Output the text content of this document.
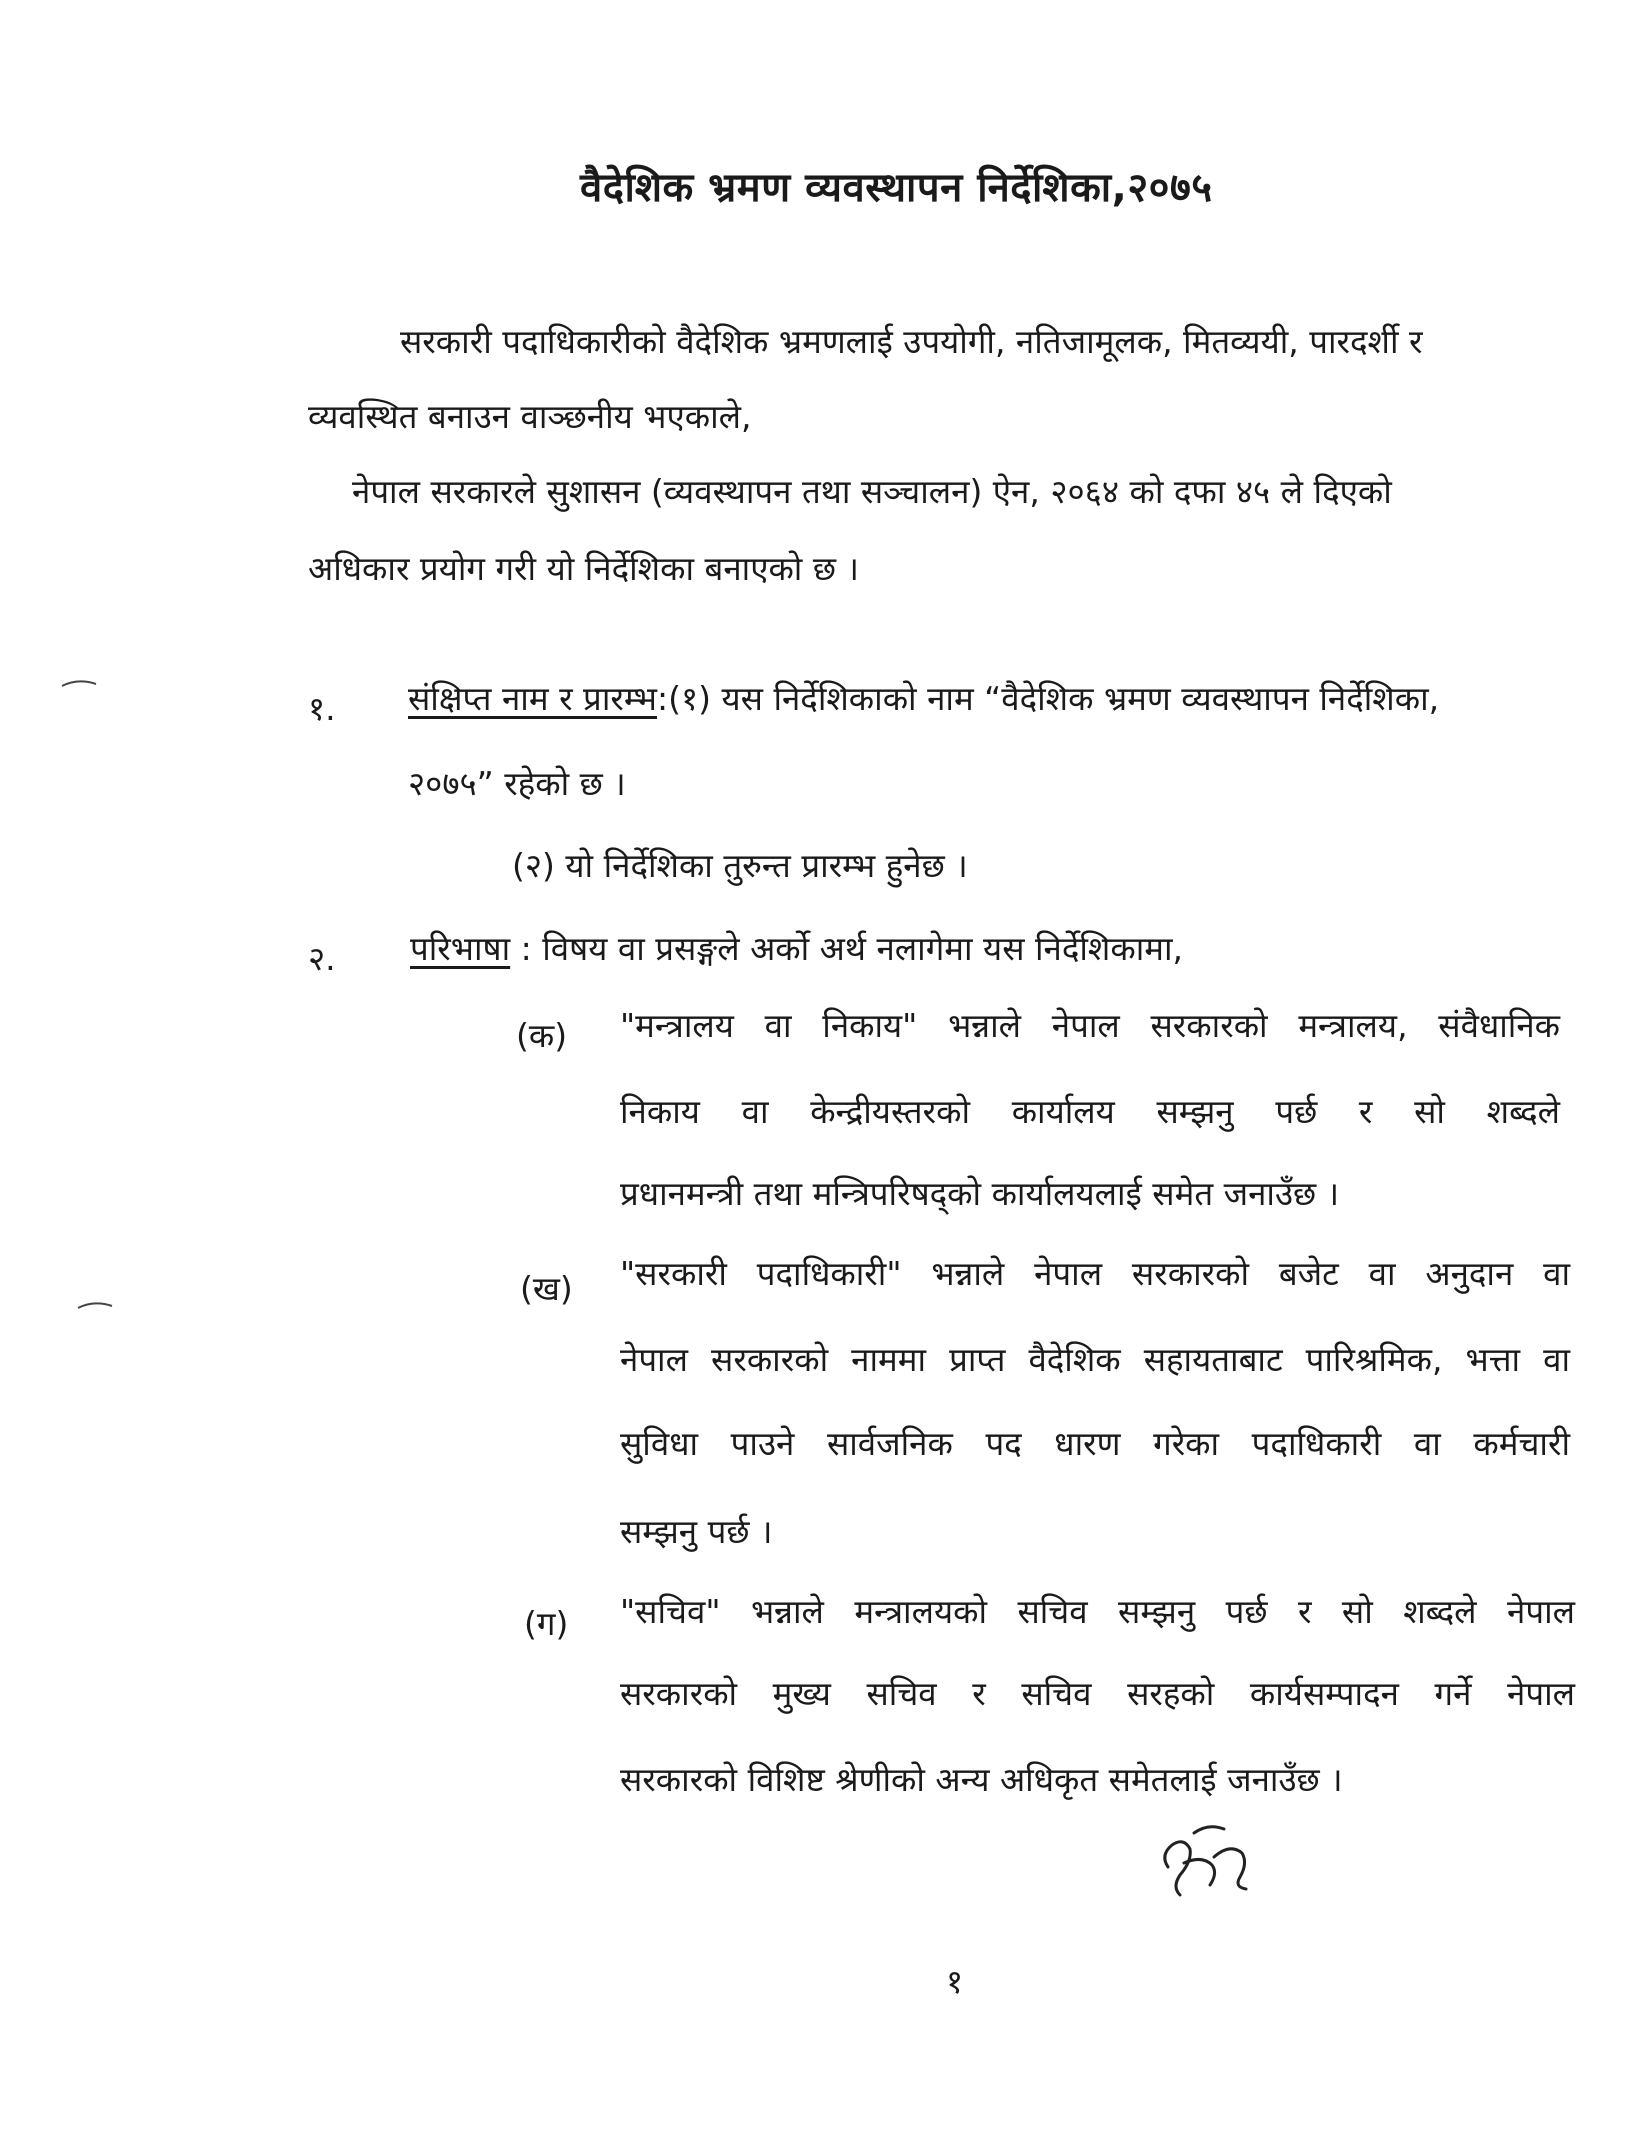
वैदेशिक भ्रमण व्यवस्थापन निर्देशिका,२०७५
सरकारी पदाधिकारीको वैदेशिक भ्रमणलाई उपयोगी, नतिजामूलक, मितव्ययी, पारदर्शी र
व्यवस्थित बनाउन वाञ्छनीय भएकाले,
नेपाल सरकारले सुशासन (व्यवस्थापन तथा सञ्चालन) ऐन, २०६४ को दफा ४५ ले दिएको
अधिकार प्रयोग गरी यो निर्देशिका बनाएको छ ।
१. संक्षिप्त नाम र प्रारम्भ:(१) यस निर्देशिकाको नाम “वैदेशिक भ्रमण व्यवस्थापन निर्देशिका,
२०७५” रहेको छ ।
(२) यो निर्देशिका तुरुन्त प्रारम्भ हुनेछ ।
२. परिभाषा : विषय वा प्रसङ्गले अर्को अर्थ नलागेमा यस निर्देशिकामा,
(क) "मन्त्रालय वा निकाय" भन्नाले नेपाल सरकारको मन्त्रालय, संवैधानिक
निकाय वा केन्द्रीयस्तरको कार्यालय सम्झनु पर्छ र सो शब्दले
प्रधानमन्त्री तथा मन्त्रिपरिषद्को कार्यालयलाई समेत जनाउँछ ।
(ख) "सरकारी पदाधिकारी" भन्नाले नेपाल सरकारको बजेट वा अनुदान वा
नेपाल सरकारको नाममा प्राप्त वैदेशिक सहायताबाट पारिश्रमिक, भत्ता वा
सुविधा पाउने सार्वजनिक पद धारण गरेका पदाधिकारी वा कर्मचारी
सम्झनु पर्छ ।
(ग) "सचिव" भन्नाले मन्त्रालयको सचिव सम्झनु पर्छ र सो शब्दले नेपाल
सरकारको मुख्य सचिव र सचिव सरहको कार्यसम्पादन गर्ने नेपाल
सरकारको विशिष्ट श्रेणीको अन्य अधिकृत समेतलाई जनाउँछ ।
१
